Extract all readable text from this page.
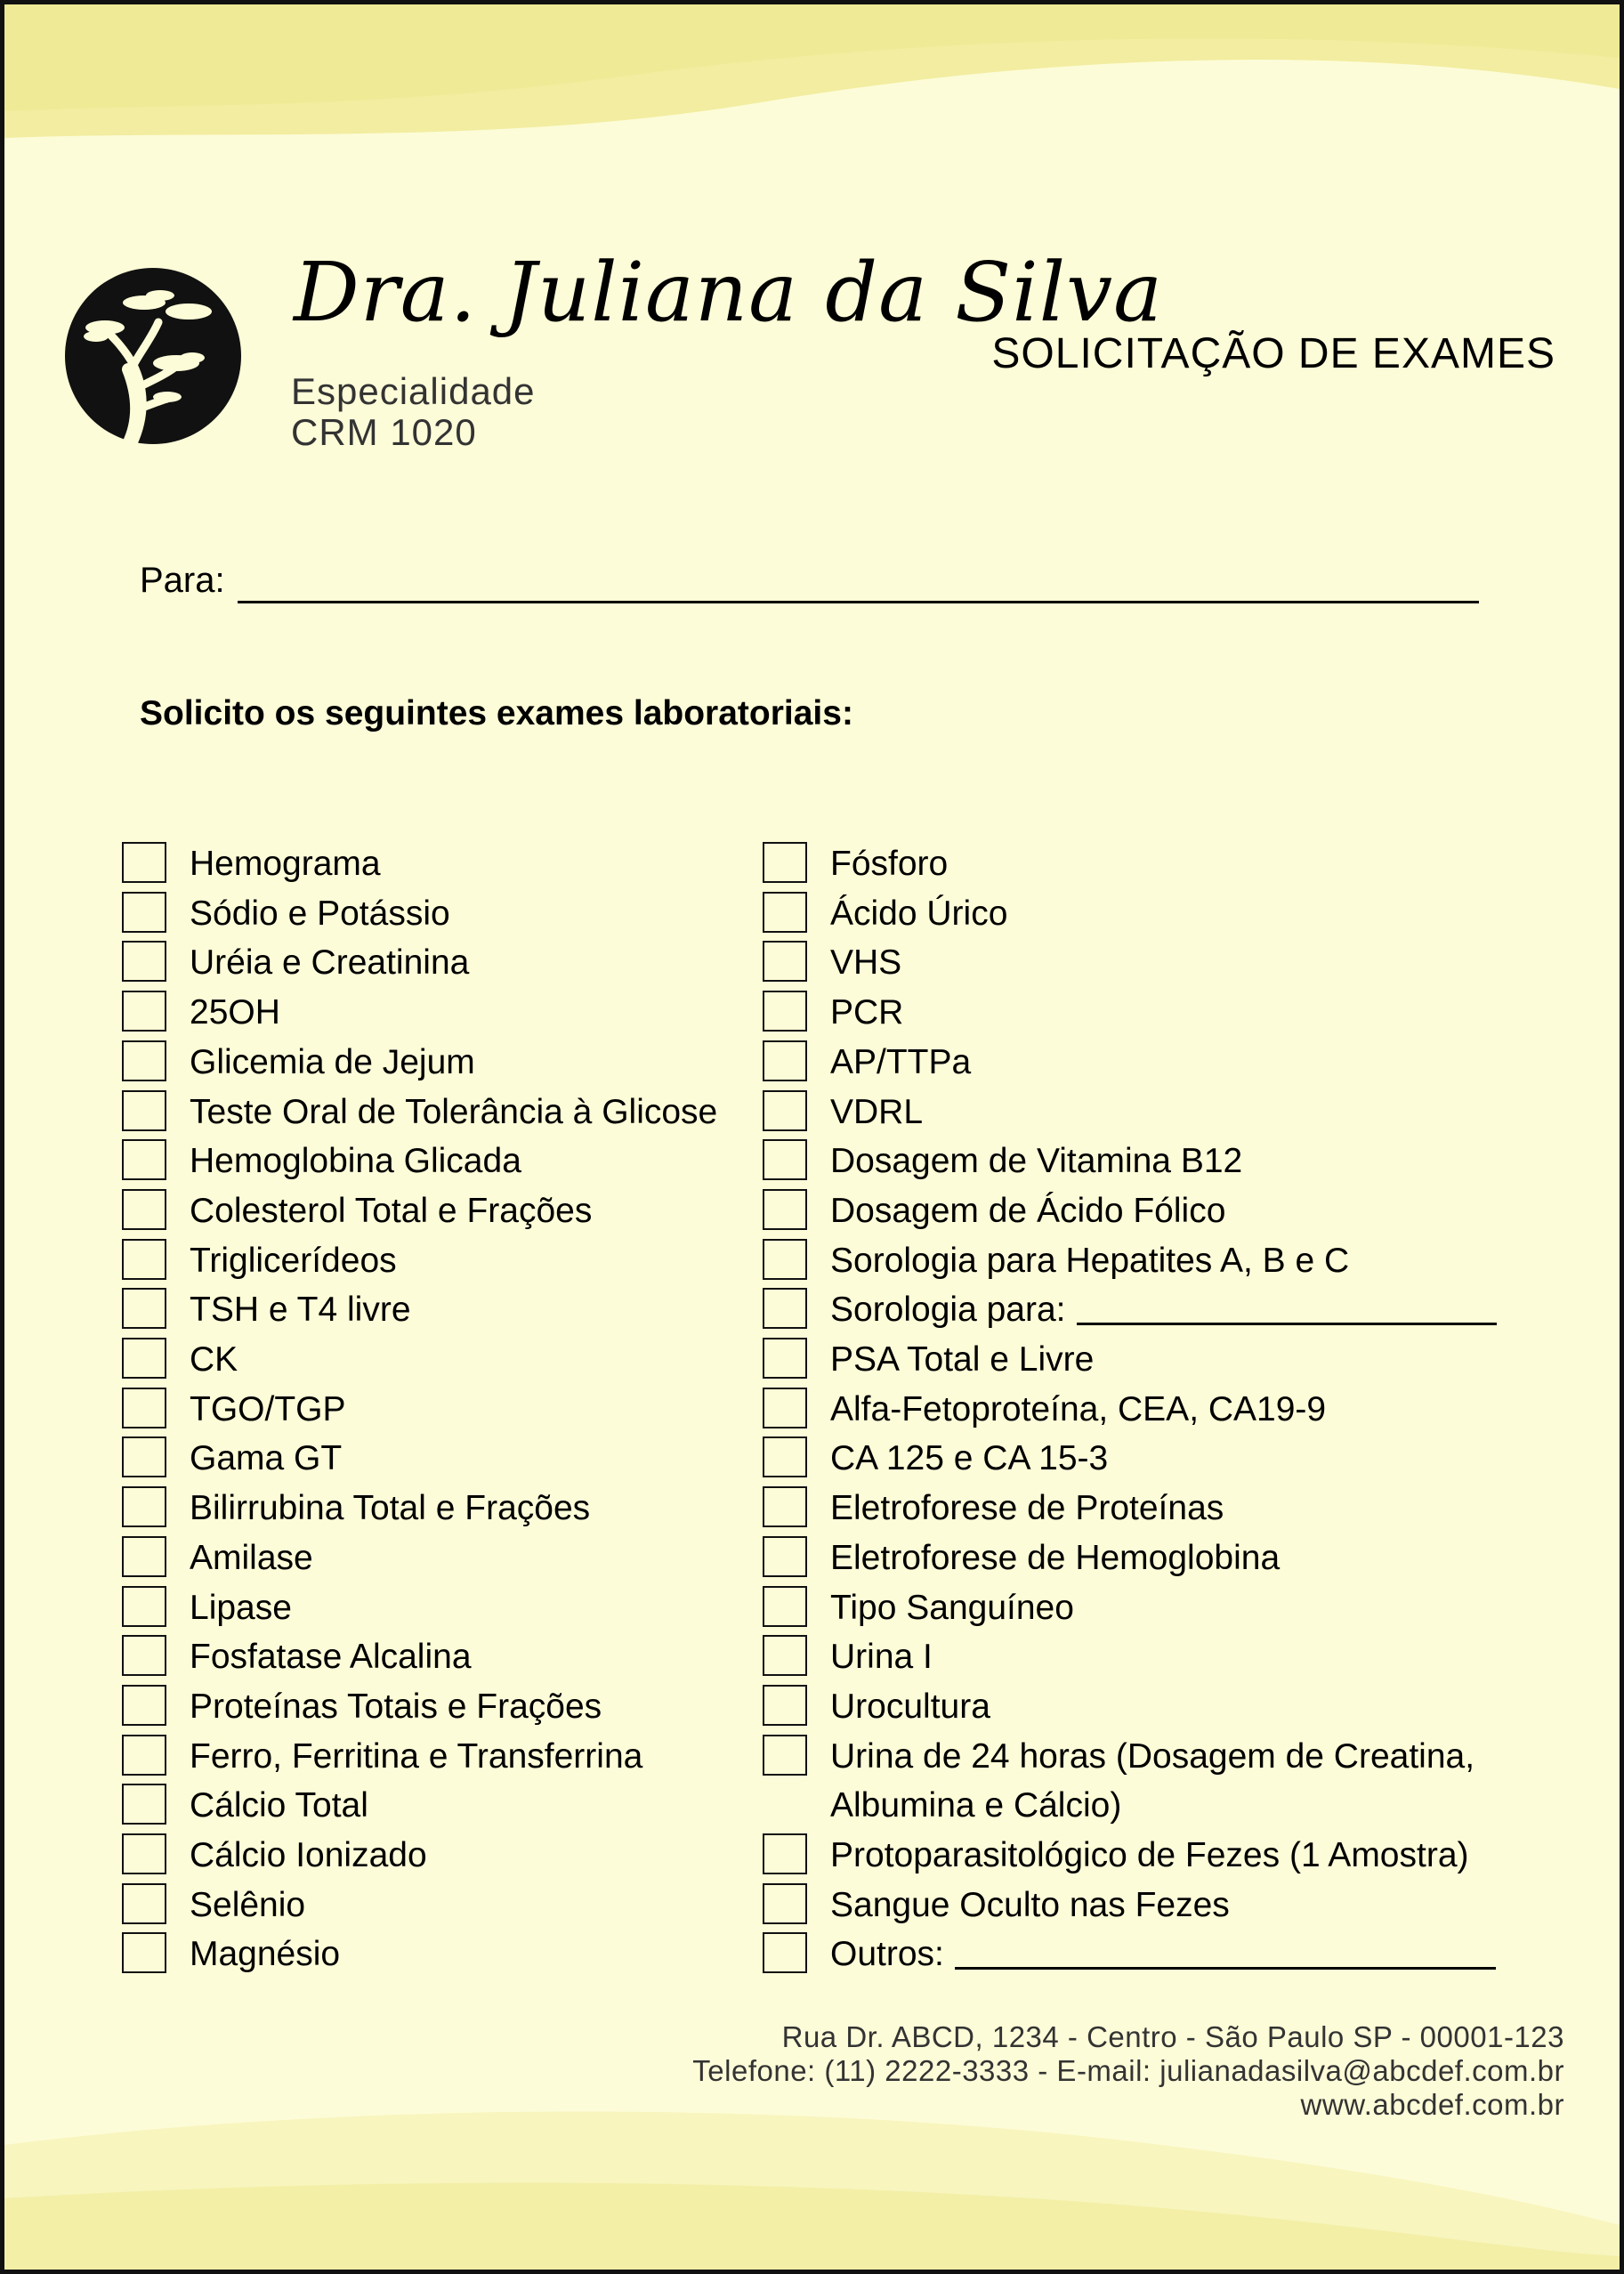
Dra. Juliana da Silva
Especialidade
CRM 1020
SOLICITAÇÃO DE EXAMES
Para:
Solicito os seguintes exames laboratoriais:
Hemograma
Sódio e Potássio
Uréia e Creatinina
25OH
Glicemia de Jejum
Teste Oral de Tolerância à Glicose
Hemoglobina Glicada
Colesterol Total e Frações
Triglicerídeos
TSH e T4 livre
CK
TGO/TGP
Gama GT
Bilirrubina Total e Frações
Amilase
Lipase
Fosfatase Alcalina
Proteínas Totais e Frações
Ferro, Ferritina e Transferrina
Cálcio Total
Cálcio Ionizado
Selênio
Magnésio
Fósforo
Ácido Úrico
VHS
PCR
AP/TTPa
VDRL
Dosagem de Vitamina B12
Dosagem de Ácido Fólico
Sorologia para Hepatites A, B e C
Sorologia para:
PSA Total e Livre
Alfa-Fetoproteína, CEA, CA19-9
CA 125 e CA 15-3
Eletroforese de Proteínas
Eletroforese de Hemoglobina
Tipo Sanguíneo
Urina I
Urocultura
Urina de 24 horas (Dosagem de Creatina,
Albumina e Cálcio)
Protoparasitológico de Fezes (1 Amostra)
Sangue Oculto nas Fezes
Outros:
Rua Dr. ABCD, 1234 - Centro - São Paulo SP - 00001-123
Telefone: (11) 2222-3333 - E-mail: julianadasilva@abcdef.com.br
www.abcdef.com.br
